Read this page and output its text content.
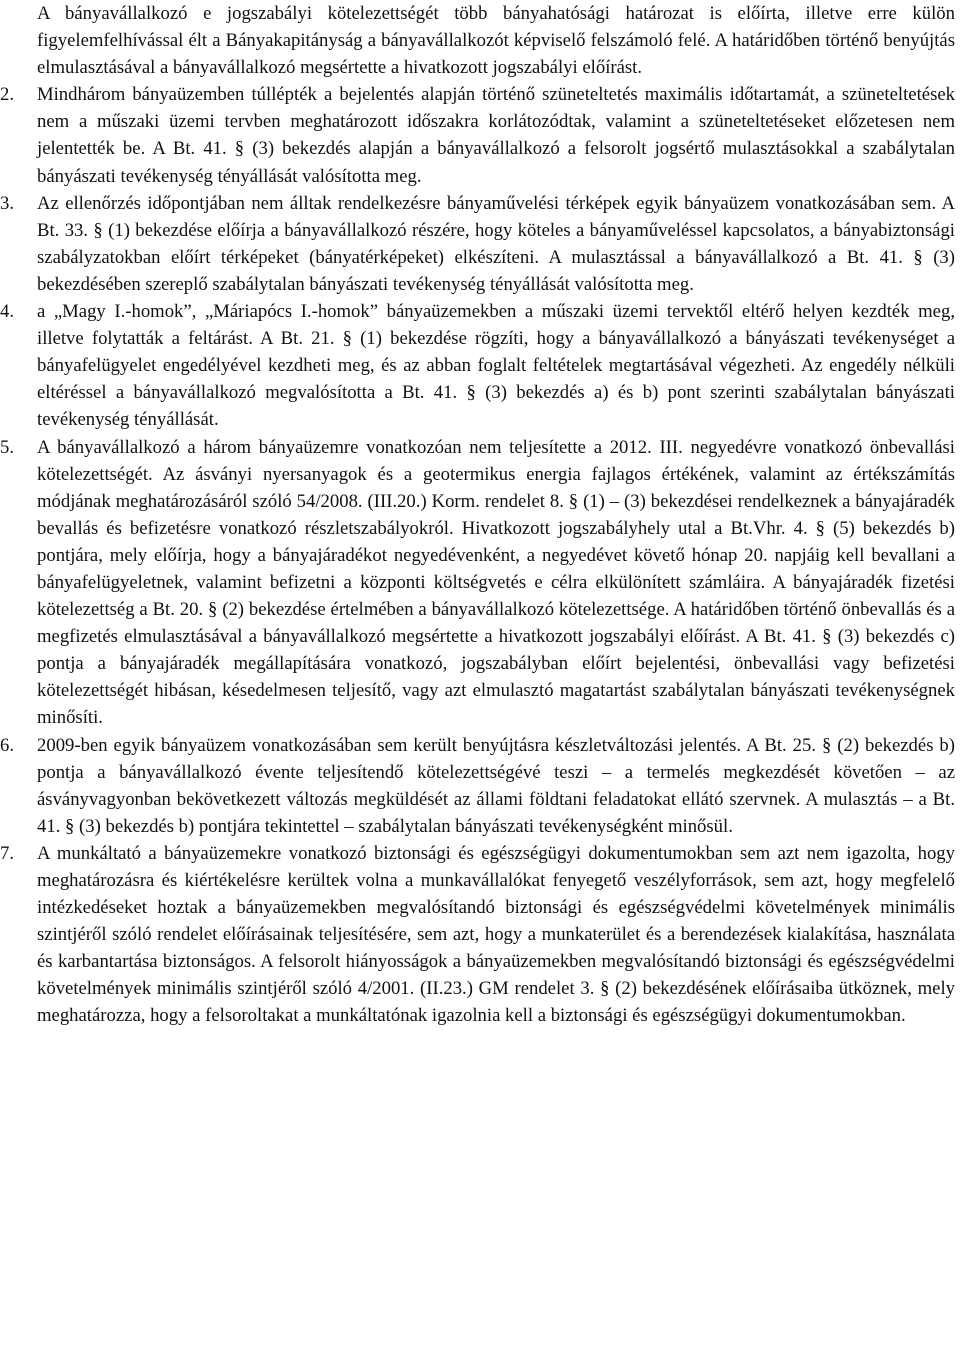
A bányavállalkozó e jogszabályi kötelezettségét több bányahatósági határozat is előírta, illetve erre külön figyelemfelhívással élt a Bányakapitányság a bányavállalkozót képviselő felszámoló felé. A határidőben történő benyújtás elmulasztásával a bányavállalkozó megsértette a hivatkozott jogszabályi előírást.

2.	Mindhárom bányaüzemben túllépték a bejelentés alapján történő szüneteltetés maximális időtartamát, a szüneteltetések nem a műszaki üzemi tervben meghatározott időszakra korlátozódtak, valamint a szüneteltetéseket előzetesen nem jelentették be. A Bt. 41. § (3) bekezdés alapján a bányavállalkozó a felsorolt jogsértő mulasztásokkal a szabálytalan bányászati tevékenység tényállását valósította meg.
3.	Az ellenőrzés időpontjában nem álltak rendelkezésre bányaművelési térképek egyik bányaüzem vonatkozásában sem. A Bt. 33. § (1) bekezdése előírja a bányavállalkozó részére, hogy köteles a bányaműveléssel kapcsolatos, a bányabiztonsági szabályzatokban előírt térképeket (bányatérképeket) elkészíteni. A mulasztással a bányavállalkozó a Bt. 41. § (3) bekezdésében szereplő szabálytalan bányászati tevékenység tényállását valósította meg.
4.	a „Magy I.-homok”, „Máriapócs I.-homok” bányaüzemekben a műszaki üzemi tervektől eltérő helyen kezdték meg, illetve folytatták a feltárást. A Bt. 21. § (1) bekezdése rögzíti, hogy a bányavállalkozó a bányászati tevékenységet a bányafelügyelet engedélyével kezdheti meg, és az abban foglalt feltételek megtartásával végezheti. Az engedély nélküli eltéréssel a bányavállalkozó megvalósította a Bt. 41. § (3) bekezdés a) és b) pont szerinti szabálytalan bányászati tevékenység tényállását.
5.	A bányavállalkozó a három bányaüzemre vonatkozóan nem teljesítette a 2012. III. negyedévre vonatkozó önbevallási kötelezettségét. Az ásványi nyersanyagok és a geotermikus energia fajlagos értékének, valamint az értékszámítás módjának meghatározásáról szóló 54/2008. (III.20.) Korm. rendelet 8. § (1) – (3) bekezdései rendelkeznek a bányajáradék bevallás és befizetésre vonatkozó részletszabályokról. Hivatkozott jogszabályhely utal a Bt.Vhr. 4. § (5) bekezdés b) pontjára, mely előírja, hogy a bányajáradékot negyedévenként, a negyedévet követő hónap 20. napjáig kell bevallani a bányafelügyeletnek, valamint befizetni a központi költségvetés e célra elkülönített számláira. A bányajáradék fizetési kötelezettség a Bt. 20. § (2) bekezdése értelmében a bányavállalkozó kötelezettsége. A határidőben történő önbevallás és a megfizetés elmulasztásával a bányavállalkozó megsértette a hivatkozott jogszabályi előírást. A Bt. 41. § (3) bekezdés c) pontja a bányajáradék megállapítására vonatkozó, jogszabályban előírt bejelentési, önbevallási vagy befizetési kötelezettségét hibásan, késedelmesen teljesítő, vagy azt elmulasztó magatartást szabálytalan bányászati tevékenységnek minősíti.
6.	2009-ben egyik bányaüzem vonatkozásában sem került benyújtásra készletváltozási jelentés. A Bt. 25. § (2) bekezdés b) pontja a bányavállalkozó évente teljesítendő kötelezettségévé teszi – a termelés megkezdését követően – az ásványvagyonban bekövetkezett változás megküldését az állami földtani feladatokat ellátó szervnek. A mulasztás – a Bt. 41. § (3) bekezdés b) pontjára tekintettel – szabálytalan bányászati tevékenységként minősül.
7.	A munkáltató a bányaüzemekre vonatkozó biztonsági és egészségügyi dokumentumokban sem azt nem igazolta, hogy meghatározásra és kiértékelésre kerültek volna a munkavállalókat fenyegető veszélyforrások, sem azt, hogy megfelelő intézkedéseket hoztak a bányaüzemekben megvalósítandó biztonsági és egészségvédelmi követelmények minimális szintjéről szóló rendelet előírásainak teljesítésére, sem azt, hogy a munkaterület és a berendezések kialakítása, használata és karbantartása biztonságos. A felsorolt hiányosságok a bányaüzemekben megvalósítandó biztonsági és egészségvédelmi követelmények minimális szintjéről szóló 4/2001. (II.23.) GM rendelet 3. § (2) bekezdésének előírásaiba ütköznek, mely meghatározza, hogy a felsoroltakat a munkáltatónak igazolnia kell a biztonsági és egészségügyi dokumentumokban.
